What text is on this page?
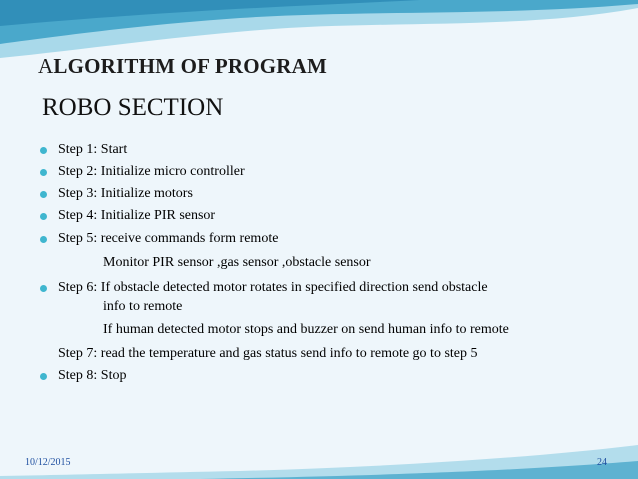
ALGORITHM OF PROGRAM
ROBO SECTION
Step 1: Start
Step 2: Initialize micro controller
Step 3: Initialize motors
Step 4: Initialize PIR sensor
Step 5: receive commands form remote
Monitor PIR sensor ,gas sensor ,obstacle sensor
Step 6: If obstacle detected motor rotates in specified direction send obstacle
info to remote
If human detected motor stops and buzzer on send human info to remote
Step 7: read the temperature and gas status send info to remote go to step 5
Step 8: Stop
10/12/2015	24
